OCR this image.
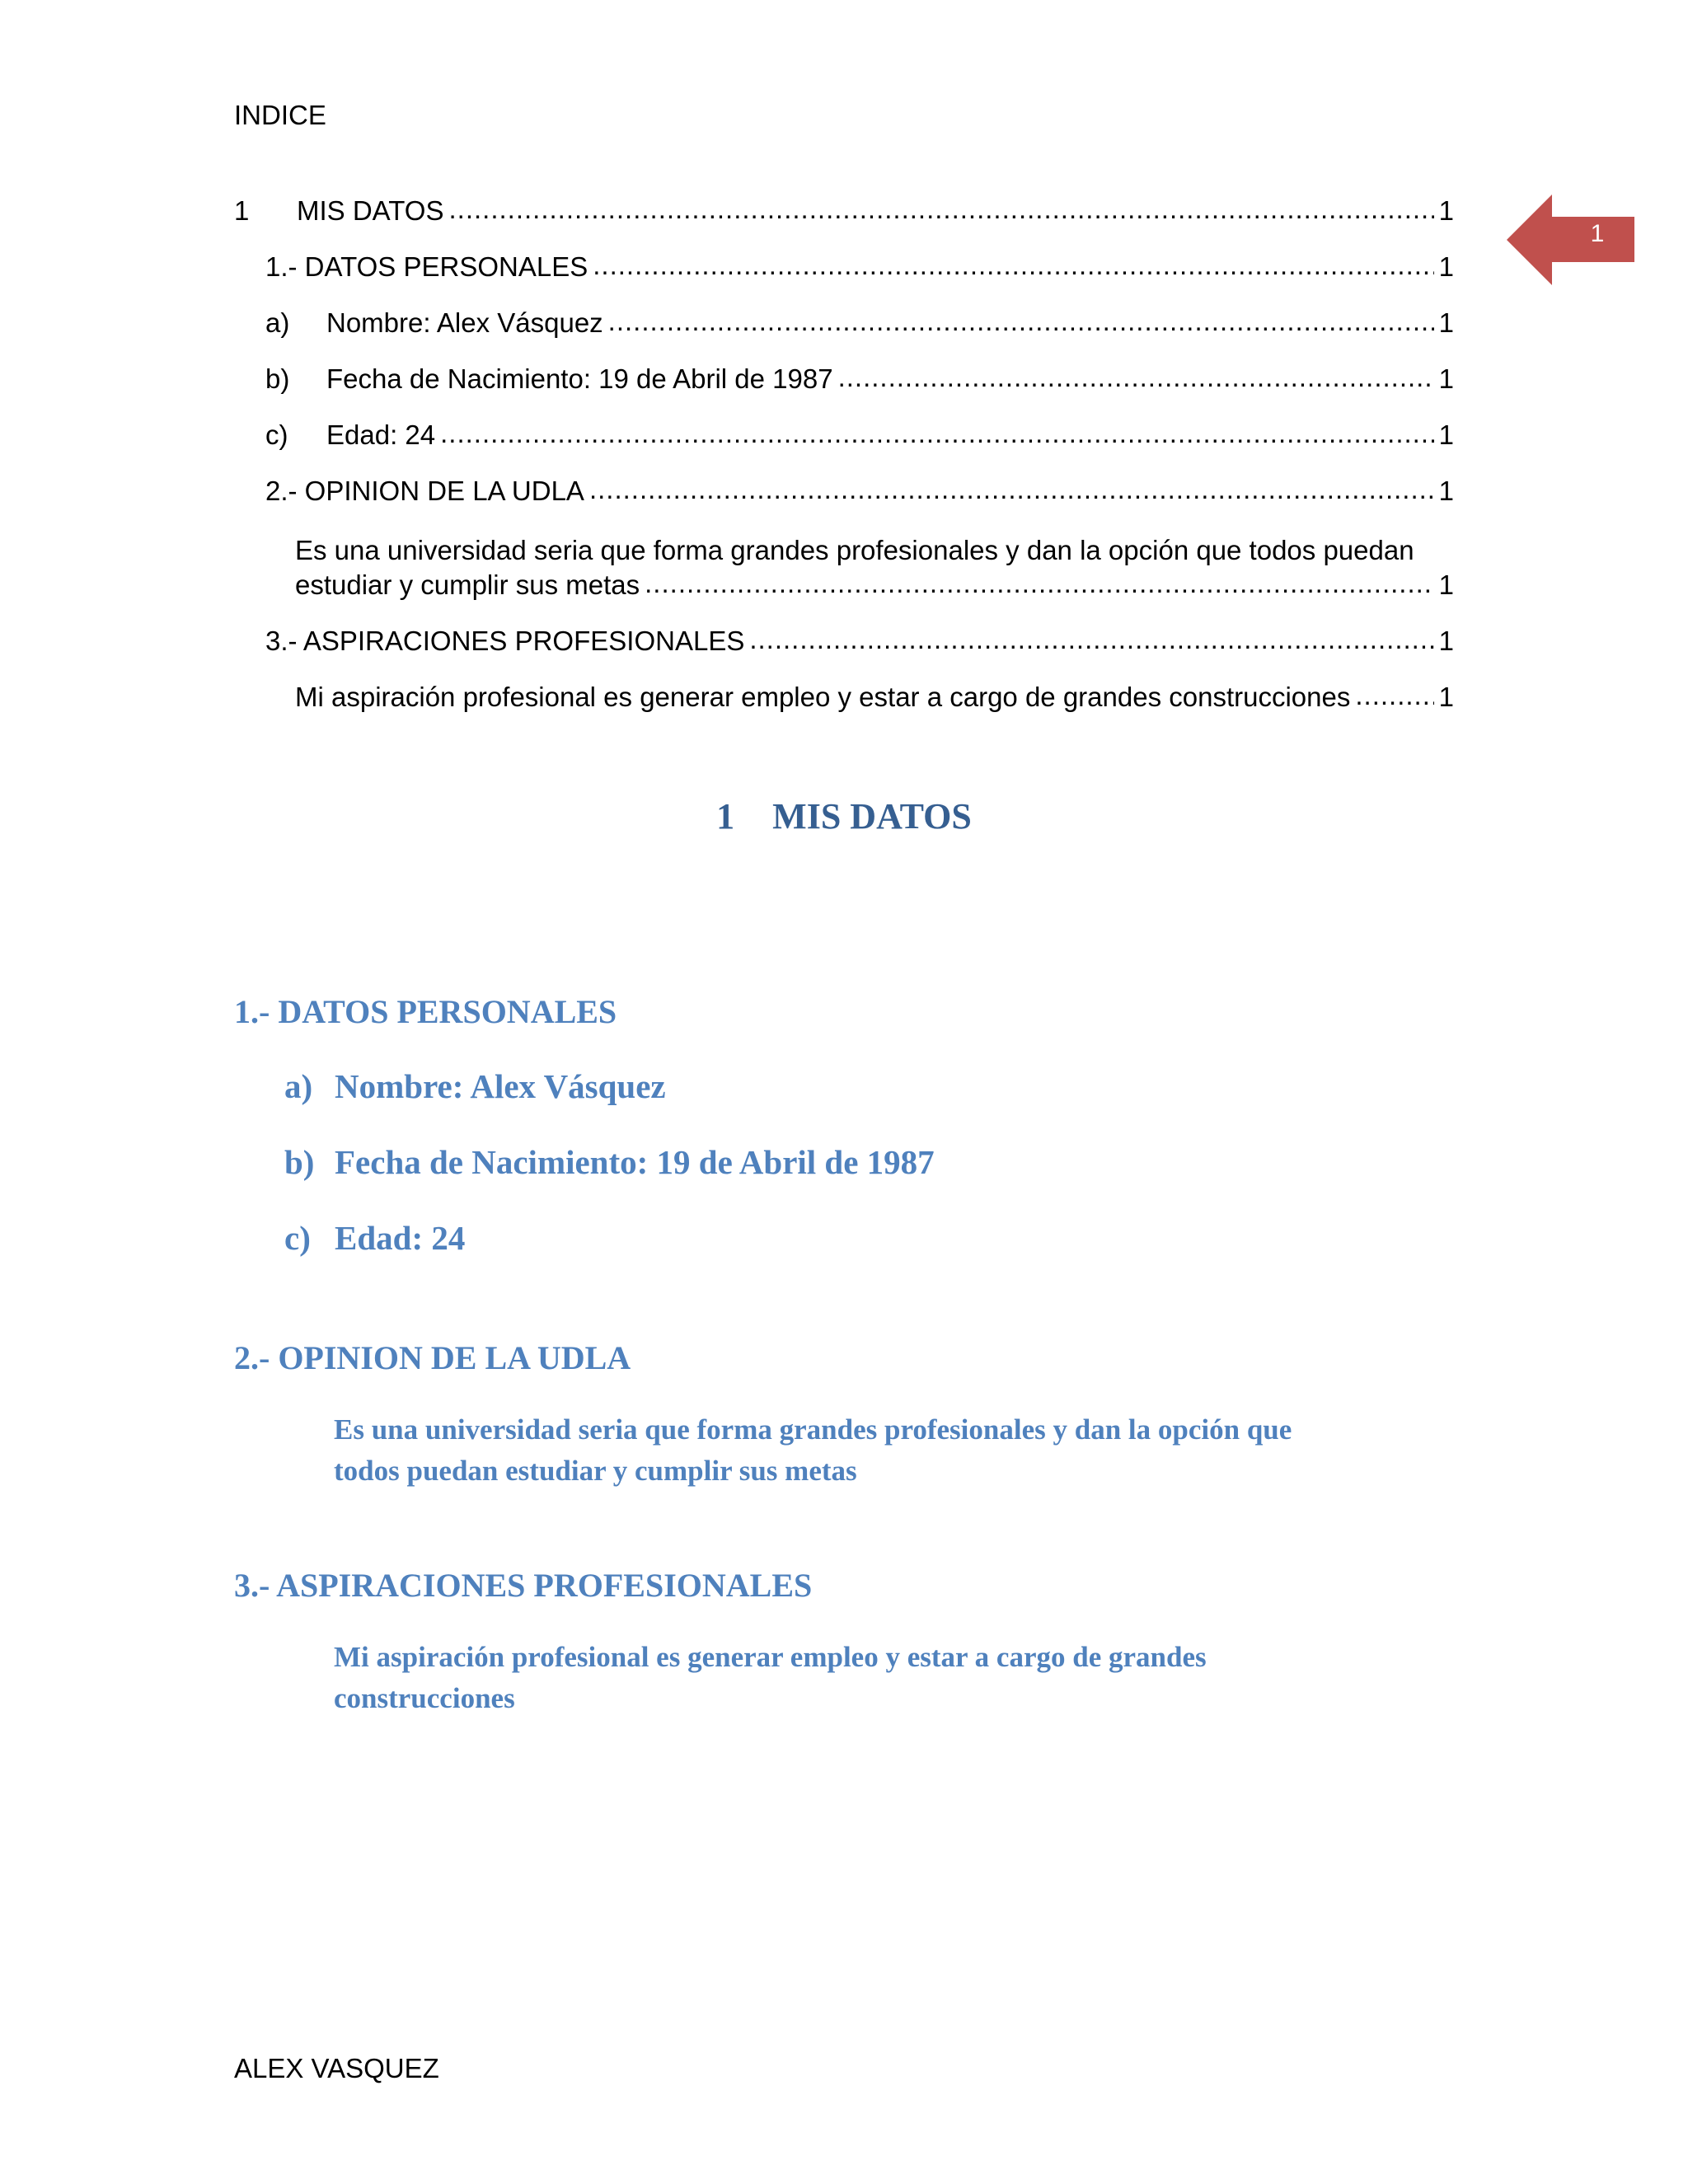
INDICE
1
1	MIS DATOS .....	1
1.- DATOS PERSONALES .....	1
a)	Nombre: Alex Vásquez .....	1
b)	Fecha de Nacimiento: 19 de Abril de 1987 .....	1
c)	Edad: 24 .....	1
2.- OPINION DE LA UDLA .....	1
Es una universidad seria que forma grandes profesionales y dan la opción que todos puedan
estudiar y cumplir sus metas .....	1
3.- ASPIRACIONES PROFESIONALES .....	1
Mi aspiración profesional es generar empleo y estar a cargo de grandes construcciones .....	1
1 MIS DATOS
1.- DATOS PERSONALES
a) Nombre: Alex Vásquez
b) Fecha de Nacimiento: 19 de Abril de 1987
c) Edad: 24
2.- OPINION DE LA UDLA
Es una universidad seria que forma grandes profesionales y dan la opción que
todos puedan estudiar y cumplir sus metas
3.- ASPIRACIONES PROFESIONALES
Mi aspiración profesional es generar empleo y estar a cargo de grandes
construcciones
ALEX VASQUEZ
